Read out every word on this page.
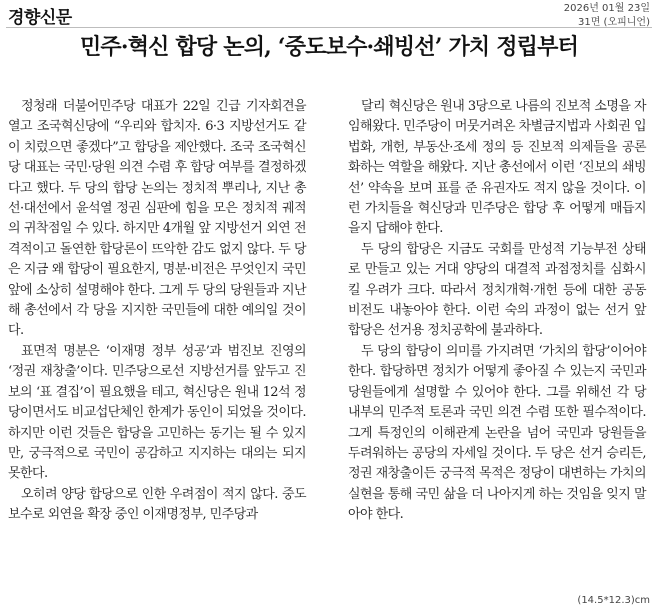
경향신문	2026년 01월 23일
31면 (오피니언)
민주·혁신 합당 논의, ‘중도보수·쇄빙선’ 가치 정립부터

정청래 더불어민주당 대표가 22일 긴급 기자회견을 열고 조국혁신당에 “우리와 합치자. 6·3 지방선거도 같이 치렀으면 좋겠다”고 합당을 제안했다. 조국 조국혁신당 대표는 국민·당원 의견 수렴 후 합당 여부를 결정하겠다고 했다. 두 당의 합당 논의는 정치적 뿌리나, 지난 총선·대선에서 윤석열 정권 심판에 힘을 모은 정치적 궤적의 귀착점일 수 있다. 하지만 4개월 앞 지방선거 외연 전격적이고 돌연한 합당론이 뜨악한 감도 없지 않다. 두 당은 지금 왜 합당이 필요한지, 명분·비전은 무엇인지 국민 앞에 소상히 설명해야 한다. 그게 두 당의 당원들과 지난해 총선에서 각 당을 지지한 국민들에 대한 예의일 것이다.

표면적 명분은 ‘이재명 정부 성공’과 범진보 진영의 ‘정권 재창출’이다. 민주당으로선 지방선거를 앞두고 진보의 ‘표 결집’이 필요했을 테고, 혁신당은 원내 12석 정당이면서도 비교섭단체인 한계가 동인이 되었을 것이다. 하지만 이런 것들은 합당을 고민하는 동기는 될 수 있지만, 궁극적으로 국민이 공감하고 지지하는 대의는 되지 못한다.

오히려 양당 합당으로 인한 우려점이 적지 않다. 중도보수로 외연을 확장 중인 이재명정부, 민주당과

달리 혁신당은 원내 3당으로 나름의 진보적 소명을 자임해왔다. 민주당이 머뭇거려온 차별금지법과 사회권 입법화, 개헌, 부동산·조세 정의 등 진보적 의제들을 공론화하는 역할을 해왔다. 지난 총선에서 이런 ‘진보의 쇄빙선’ 약속을 보며 표를 준 유권자도 적지 않을 것이다. 이런 가치들을 혁신당과 민주당은 합당 후 어떻게 매듭지을지 답해야 한다.

두 당의 합당은 지금도 국회를 만성적 기능부전 상태로 만들고 있는 거대 양당의 대결적 과점정치를 심화시킬 우려가 크다. 따라서 정치개혁·개헌 등에 대한 공동 비전도 내놓아야 한다. 이런 숙의 과정이 없는 선거 앞 합당은 선거용 정치공학에 불과하다.

두 당의 합당이 의미를 가지려면 ‘가치의 합당’이어야 한다. 합당하면 정치가 어떻게 좋아질 수 있는지 국민과 당원들에게 설명할 수 있어야 한다. 그를 위해선 각 당 내부의 민주적 토론과 국민 의견 수렴 또한 필수적이다. 그게 특정인의 이해관계 논란을 넘어 국민과 당원들을 두려워하는 공당의 자세일 것이다. 두 당은 선거 승리든, 정권 재창출이든 궁극적 목적은 정당이 대변하는 가치의 실현을 통해 국민 삶을 더 나아지게 하는 것임을 잊지 말아야 한다.

(14.5*12.3)cm
